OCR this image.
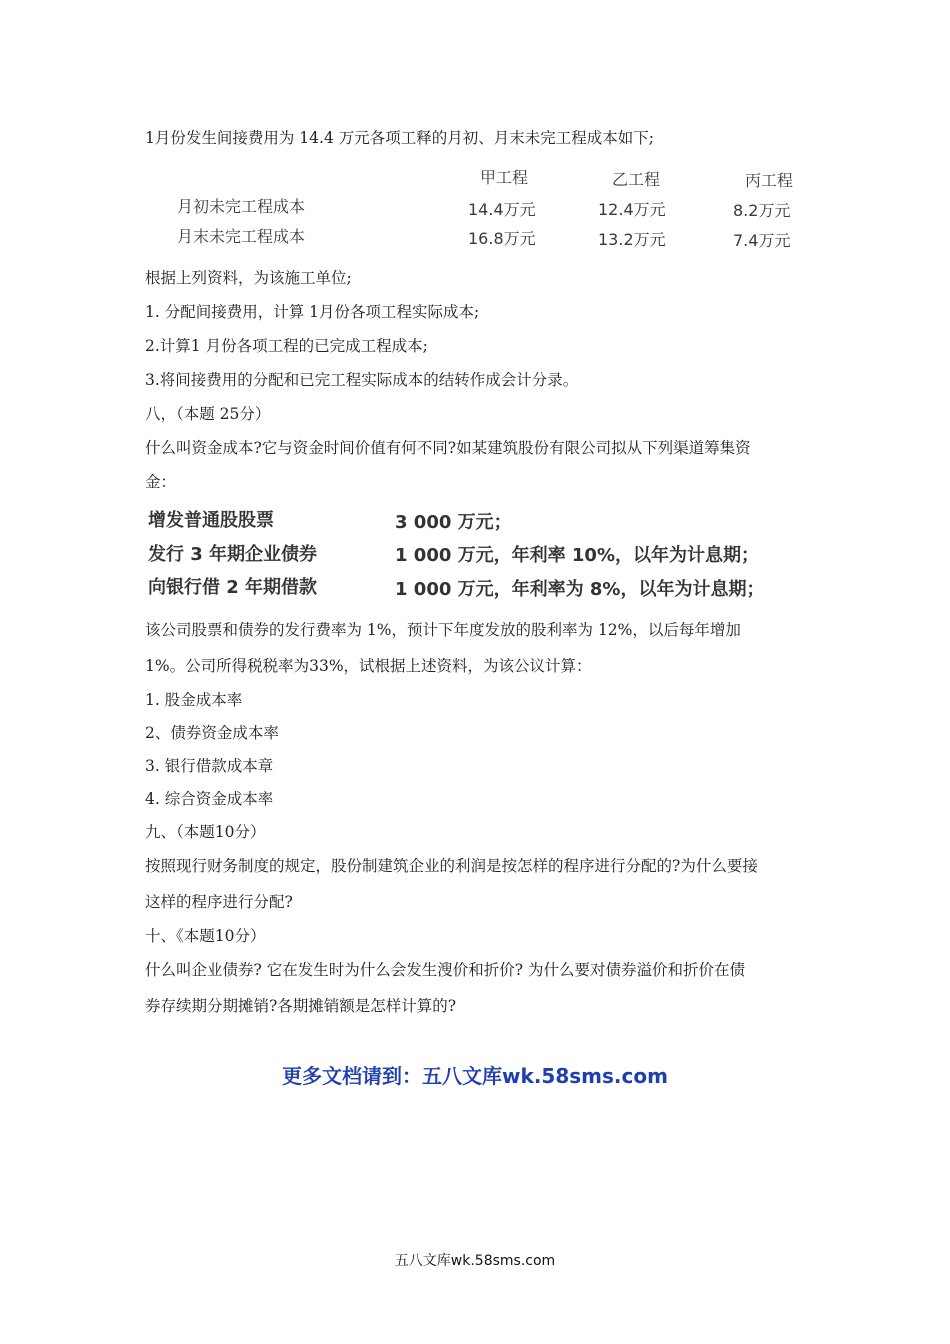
1月份发生间接费用为 14.4 万元各项工释的月初、月末未完工程成本如下;
甲工程	乙工程	丙工程
月初未完工程成本	14.4万元	12.4万元	8.2万元
月末未完工程成本	16.8万元	13.2万元	7.4万元
根据上列资料，为该施工单位;
1. 分配间接费用，计算 1月份各项工程实际成本;
2.计算1 月份各项工程的已完成工程成本;
3.将间接费用的分配和已完工程实际成本的结转作成会计分录。
八，（本题 25分）
什么叫资金成本?它与资金时间价值有何不同?如某建筑股份有限公司拟从下列渠道筹集资
金：
增发普通股股票	3 000 万元；
发行 3 年期企业债券	1 000 万元，年利率 10%，以年为计息期；
向银行借 2 年期借款	1 000 万元，年利率为 8%，以年为计息期；
该公司股票和债券的发行费率为 1%，预计下年度发放的股利率为 12%，以后每年增加
1%。公司所得税税率为33%，试根据上述资料，为该公议计算：
1. 股金成本率
2、债券资金成本率
3. 银行借款成本章
4. 综合资金成本率
九、（本题10分）
按照现行财务制度的规定，股份制建筑企业的利润是按怎样的程序进行分配的?为什么要接
这样的程序进行分配?
十、《本题10分）
什么叫企业债券? 它在发生时为什么会发生溲价和折价? 为什么要对债券溢价和折价在债
券存续期分期摊销?各期摊销额是怎样计算的?
更多文档请到：五八文库wk.58sms.com
五八文库wk.58sms.com
